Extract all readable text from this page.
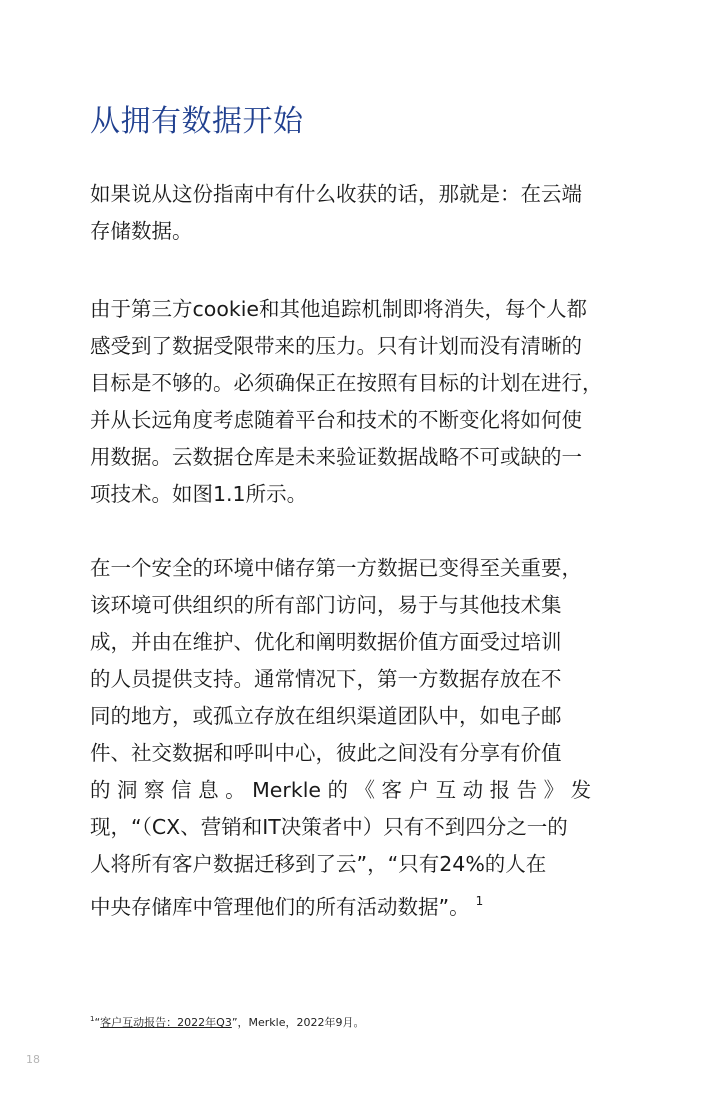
从拥有数据开始

如果说从这份指南中有什么收获的话，那就是：在云端
存储数据。

由于第三方cookie和其他追踪机制即将消失，每个人都
感受到了数据受限带来的压力。只有计划而没有清晰的
目标是不够的。必须确保正在按照有目标的计划在进行，
并从长远角度考虑随着平台和技术的不断变化将如何使
用数据。云数据仓库是未来验证数据战略不可或缺的一
项技术。如图1.1所示。

在一个安全的环境中储存第一方数据已变得至关重要，
该环境可供组织的所有部门访问，易于与其他技术集
成，并由在维护、优化和阐明数据价值方面受过培训
的人员提供支持。通常情况下，第一方数据存放在不
同的地方，或孤立存放在组织渠道团队中，如电子邮
件、社交数据和呼叫中心，彼此之间没有分享有价值
的 洞 察 信 息 。 Merkle 的 《 客 户 互 动 报 告 》 发
现，“（CX、营销和IT决策者中）只有不到四分之一的
人将所有客户数据迁移到了云”，“只有24%的人在
中央存储库中管理他们的所有活动数据”。 $^1$

$^1$“客户互动报告：2022年Q3”，Merkle，2022年9月。
18
